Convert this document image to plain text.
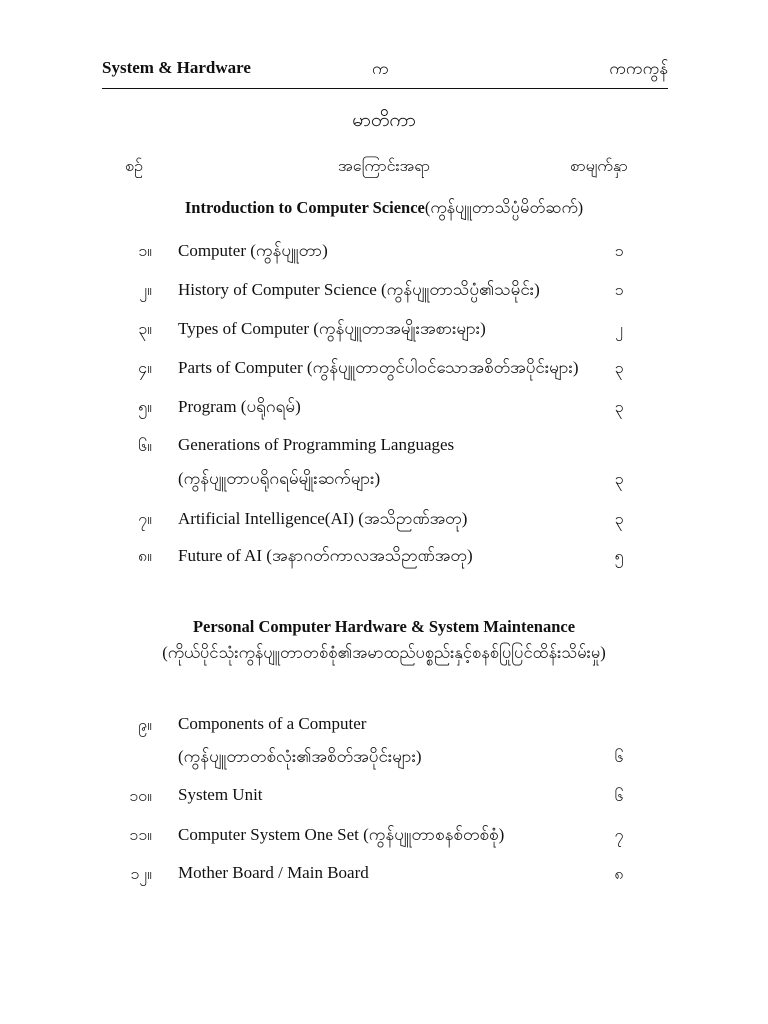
System & Hardware	က	ကကကွန်
မာတိကာ
စဉ်	အကြောင်းအရာ	စာမျက်နှာ
Introduction to Computer Science(ကွန်ပျူတာသိပ္ပံမိတ်ဆက်)
၁။ Computer (ကွန်ပျူတာ)	၁
၂။ History of Computer Science (ကွန်ပျူတာသိပ္ပံ၏သမိုင်း)	၁
၃။ Types of Computer (ကွန်ပျူတာအမျိုးအစားများ)	၂
၄။ Parts of Computer (ကွန်ပျူတာတွင်ပါဝင်သောအစိတ်အပိုင်းများ)	၃
၅။ Program (ပရိုဂရမ်)	၃
၆။ Generations of Programming Languages
(ကွန်ပျူတာပရိုဂရမ်မျိုးဆက်များ)	၃
၇။ Artificial Intelligence(AI) (အသိဉာဏ်အတု)	၃
၈။ Future of AI (အနာဂတ်ကာလအသိဉာဏ်အတု)	၅
Personal Computer Hardware & System Maintenance
(ကိုယ်ပိုင်သုံးကွန်ပျူတာတစ်စုံ၏အမာထည်ပစ္စည်းနှင့်စနစ်ပြုပြင်ထိန်းသိမ်းမှု)
၉။ Components of a Computer
(ကွန်ပျူတာတစ်လုံး၏အစိတ်အပိုင်းများ)	၆
၁၀။ System Unit	၆
၁၁။ Computer System One Set (ကွန်ပျူတာစနစ်တစ်စုံ)	၇
၁၂။ Mother Board / Main Board	၈
